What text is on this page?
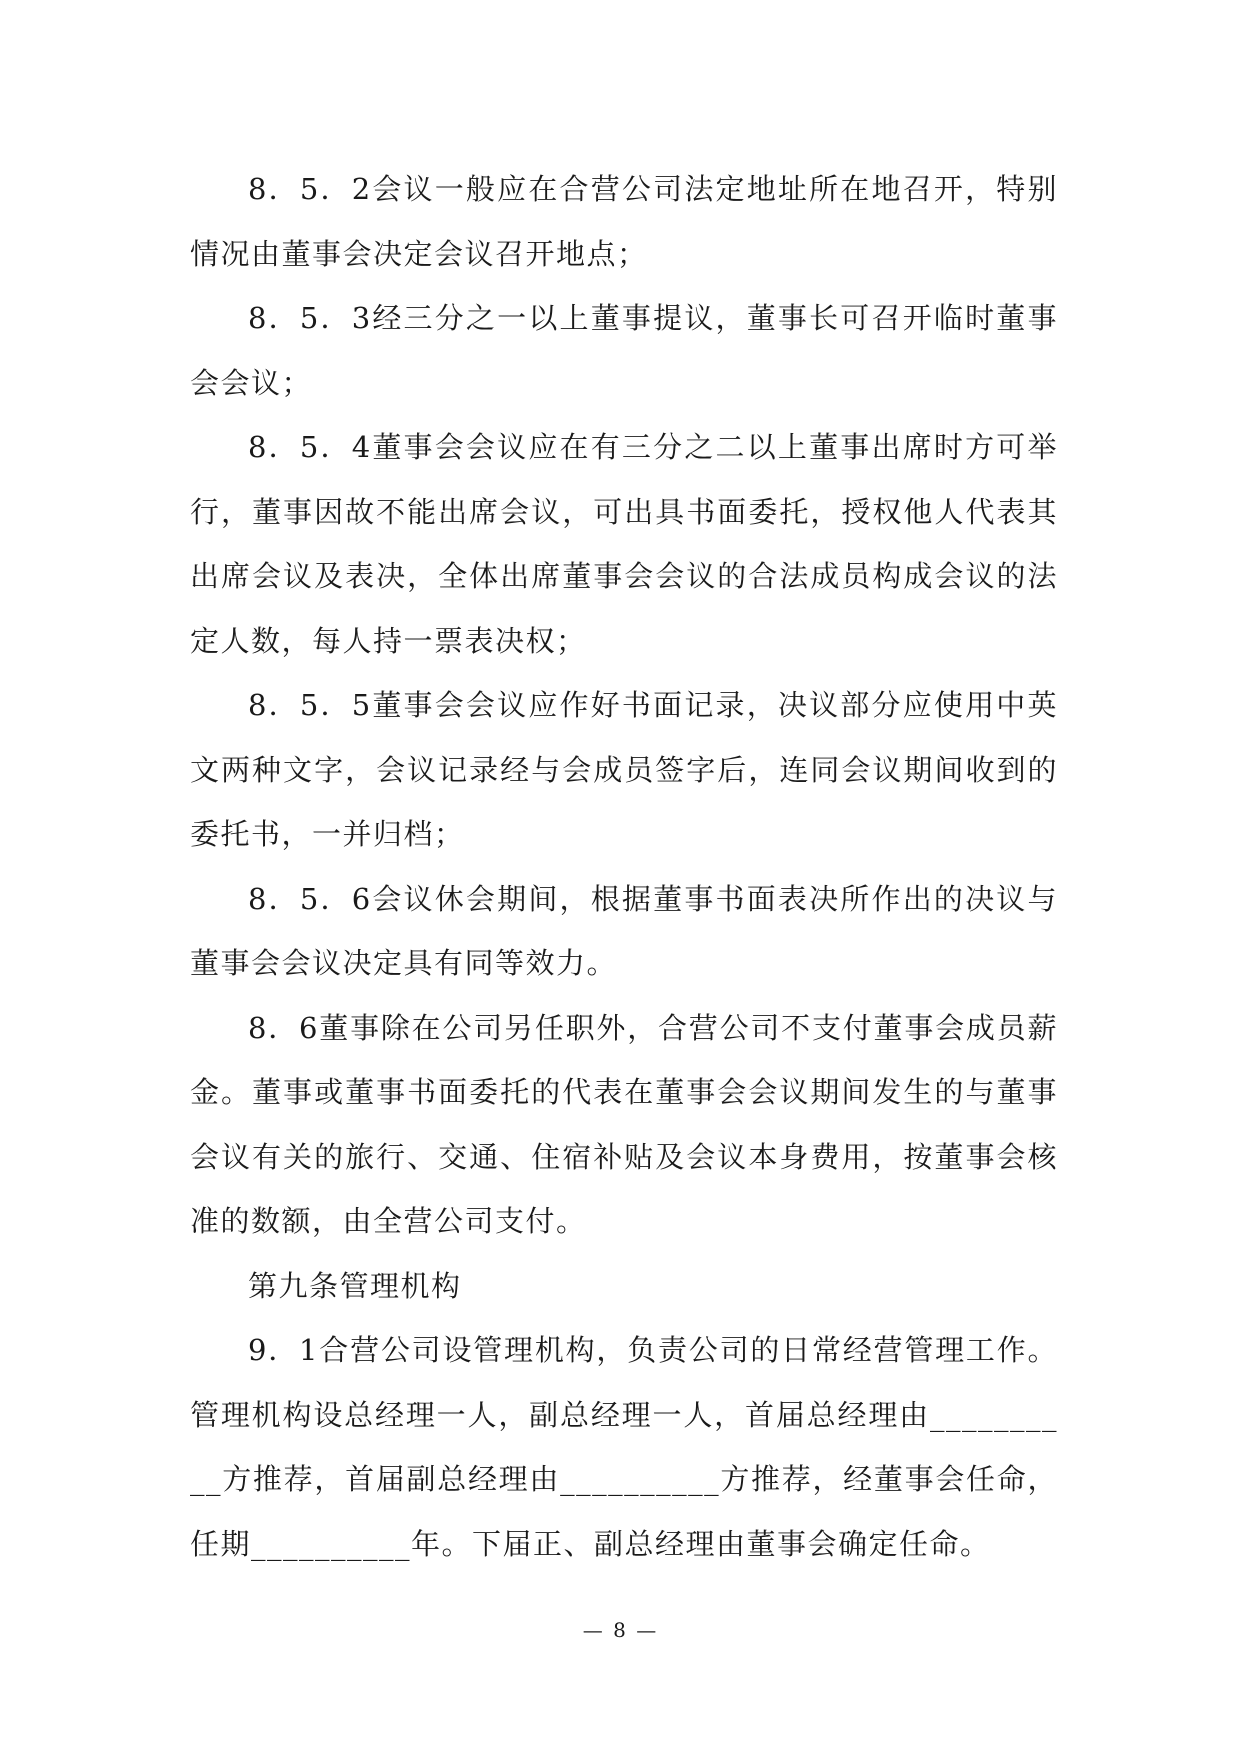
8．5．2会议一般应在合营公司法定地址所在地召开，特别情况由董事会决定会议召开地点；

8．5．3经三分之一以上董事提议，董事长可召开临时董事会会议；

8．5．4董事会会议应在有三分之二以上董事出席时方可举行，董事因故不能出席会议，可出具书面委托，授权他人代表其出席会议及表决，全体出席董事会会议的合法成员构成会议的法定人数，每人持一票表决权；

8．5．5董事会会议应作好书面记录，决议部分应使用中英文两种文字，会议记录经与会成员签字后，连同会议期间收到的委托书，一并归档；

8．5．6会议休会期间，根据董事书面表决所作出的决议与董事会会议决定具有同等效力。

8．6董事除在公司另任职外，合营公司不支付董事会成员薪金。董事或董事书面委托的代表在董事会会议期间发生的与董事会议有关的旅行、交通、住宿补贴及会议本身费用，按董事会核准的数额，由全营公司支付。

第九条管理机构

9．1合营公司设管理机构，负责公司的日常经营管理工作。管理机构设总经理一人，副总经理一人，首届总经理由__________方推荐，首届副总经理由__________方推荐，经董事会任命，任期__________年。下届正、副总经理由董事会确定任命。

— 8 —
